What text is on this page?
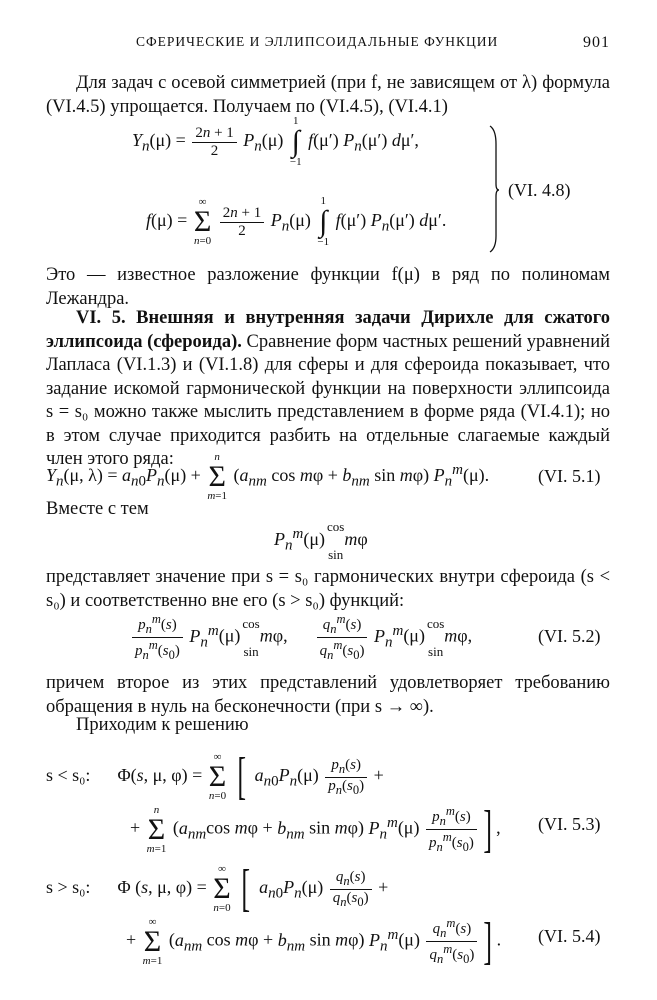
СФЕРИЧЕСКИЕ И ЭЛЛИПСОИДАЛЬНЫЕ ФУНКЦИИ	901
Для задач с осевой симметрией (при f, не зависящем от λ) формула (VI.4.5) упрощается. Получаем по (VI.4.5), (VI.4.1)
$Y_n(\mu) = \frac{2n + 1}{2} P_n(\mu)$ 1
∫
−1 f(μ′) $P_n(\mu')$ dμ′,
f(μ) = ∞
Σ
n=0
$\frac{2n + 1}{2} P_n(\mu)$ 1
∫
−1 f(μ′) $P_n(\mu')$ dμ′.
(VI. 4.8)
Это — известное разложение функции f(μ) в ряд по полиномам Лежандра.
VI. 5. Внешняя и внутренняя задачи Дирихле для сжатого эллипсоида (сфероида). Сравнение форм частных решений уравнений Лапласа (VI.1.3) и (VI.1.8) для сферы и для сфероида показывает, что задание искомой гармонической функции на поверхности эллипсоида s = s₀ можно также мыслить представлением в форме ряда (VI.4.1); но в этом случае приходится разбить на отдельные слагаемые каждый член этого ряда:
$Y_n(\mu$, $\lambda) = a_{n0}P_n(\mu) + n$
Σ
m=1 ($a_{nm}$ $\cos m\varphi + b_{nm}$ sin mφ) $P_n^m(\mu)$.	(VI. 5.1)
Вместе с тем
$P_n^m(\mu)\cos$

sinmφ
представляет значение при s = s₀ гармонических внутри сфероида (s < s₀) и соответственно вне его (s > s₀) функций:
$\frac{p_n^m(s)}{p_n^m(s_0)} P_n^m(\mu)\cos$

sinmφ, $\frac{q_n^m(s)}{q_n^m(s_0)} P_n^m(\mu)\cos$

sinmφ,	(VI. 5.2)
причем второе из этих представлений удовлетворяет требованию обращения в нуль на бесконечности (при s → ∞).
Приходим к решению
s < s₀:      Φ(s, μ, φ) = ∞
Σ
n=0 [ $a_{n0}P_n(\mu) \frac{p_n(s)}{p_n(s_0)}$ +
+ n
Σ
m=1 ($a_{nm}\cos$ $m\varphi + b_{nm}$ sin mφ) $P_n^m(\mu) \frac{p_n^m(s)}{p_n^m(s_0)}$ ] , (VI. 5.3)
s > s₀:      Φ (s, μ, φ) = ∞
Σ
n=0 [ $a_{n0}P_n(\mu) \frac{q_n(s)}{q_n(s_0)}$ +
+ ∞
Σ
m=1 ($a_{nm}$ $\cos m\varphi + b_{nm}$ sin mφ) $P_n^m(\mu) \frac{q_n^m(s)}{q_n^m(s_0)}$ ] . (VI. 5.4)
